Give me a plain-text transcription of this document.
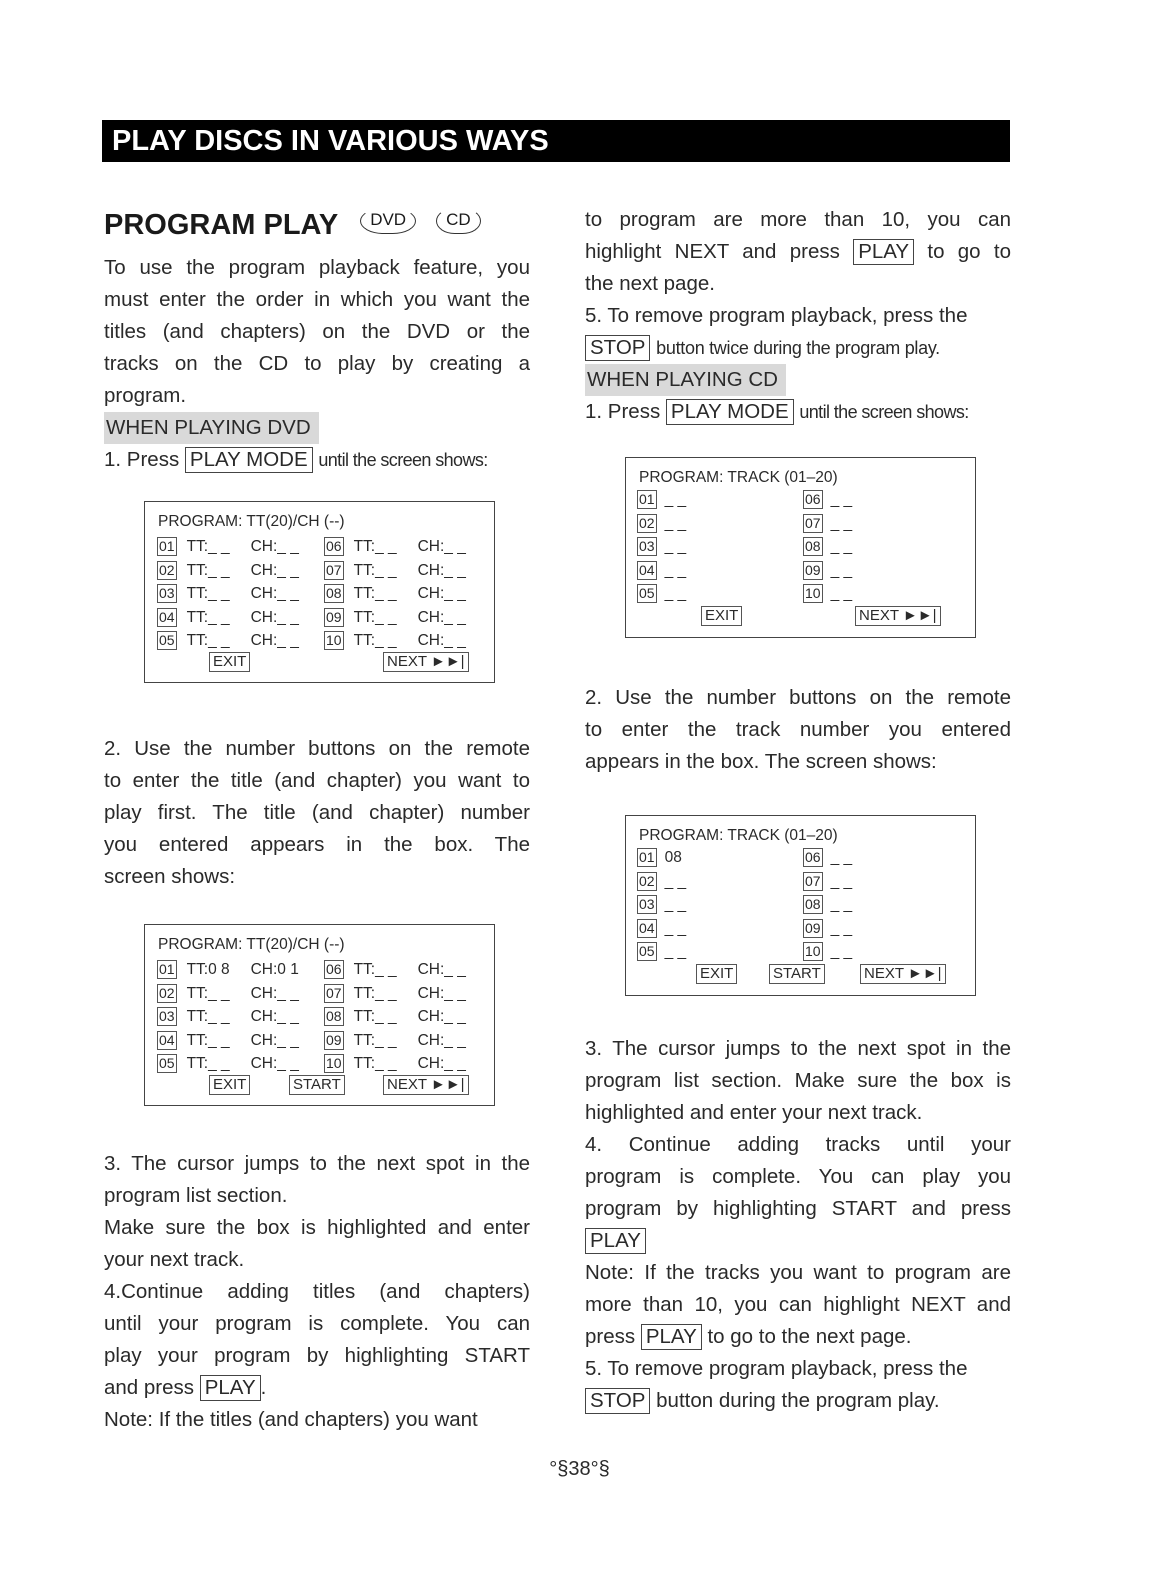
PLAY DISCS IN VARIOUS WAYS
PROGRAM PLAY	DVD	CD

To use the program playback feature, you

must enter the order in which you want the

titles (and chapters) on the DVD or the

tracks on the CD to play by creating a

program.

WHEN PLAYING DVD

1. Press PLAY MODE until the screen shows:

2. Use the number buttons on the remote

to enter the title (and chapter) you want to

play first. The title (and chapter) number

you entered appears in the box. The

screen shows:

3. The cursor jumps to the next spot in the

program list section.

Make sure the box is highlighted and enter

your next track.

4.Continue adding titles (and chapters)

until your program is complete. You can

play your program by highlighting START

and press PLAY .

Note: If the titles (and chapters) you want

PROGRAM: TT(20)/CH (--)
01 TT:_ _ CH:_ _
02 TT:_ _ CH:_ _
03 TT:_ _ CH:_ _
04 TT:_ _ CH:_ _
05 TT:_ _ CH:_ _
06 TT:_ _ CH:_ _
07 TT:_ _ CH:_ _
08 TT:_ _ CH:_ _
09 TT:_ _ CH:_ _
10 TT:_ _ CH:_ _
EXIT	NEXT ►►|
PROGRAM: TT(20)/CH (--)
01 TT:0 8 CH:0 1
02 TT:_ _ CH:_ _
03 TT:_ _ CH:_ _
04 TT:_ _ CH:_ _
05 TT:_ _ CH:_ _
06 TT:_ _ CH:_ _
07 TT:_ _ CH:_ _
08 TT:_ _ CH:_ _
09 TT:_ _ CH:_ _
10 TT:_ _ CH:_ _
EXIT	START	NEXT ►►|

to program are more than 10, you can

highlight NEXT and press PLAY to go to

the next page.

5. To remove program playback, press the

STOP button twice during the program play.

WHEN PLAYING CD

1. Press PLAY MODE until the screen shows:

2. Use the number buttons on the remote

to enter the track number you entered

appears in the box. The screen shows:

3. The cursor jumps to the next spot in the

program list section. Make sure the box is

highlighted and enter your next track.

4. Continue adding tracks until your

program is complete. You can play you

program by highlighting START and press

PLAY

Note: If the tracks you want to program are

more than 10, you can highlight NEXT and

press PLAY to go to the next page.

5. To remove program playback, press the

STOP button during the program play.

PROGRAM: TRACK (01–20)
01 _ _
02 _ _
03 _ _
04 _ _
05 _ _
06 _ _
07 _ _
08 _ _
09 _ _
10 _ _
EXIT	NEXT ►►|
PROGRAM: TRACK (01–20)
01 08
02 _ _
03 _ _
04 _ _
05 _ _
06 _ _
07 _ _
08 _ _
09 _ _
10 _ _
EXIT	START	NEXT ►►|
°§38°§
